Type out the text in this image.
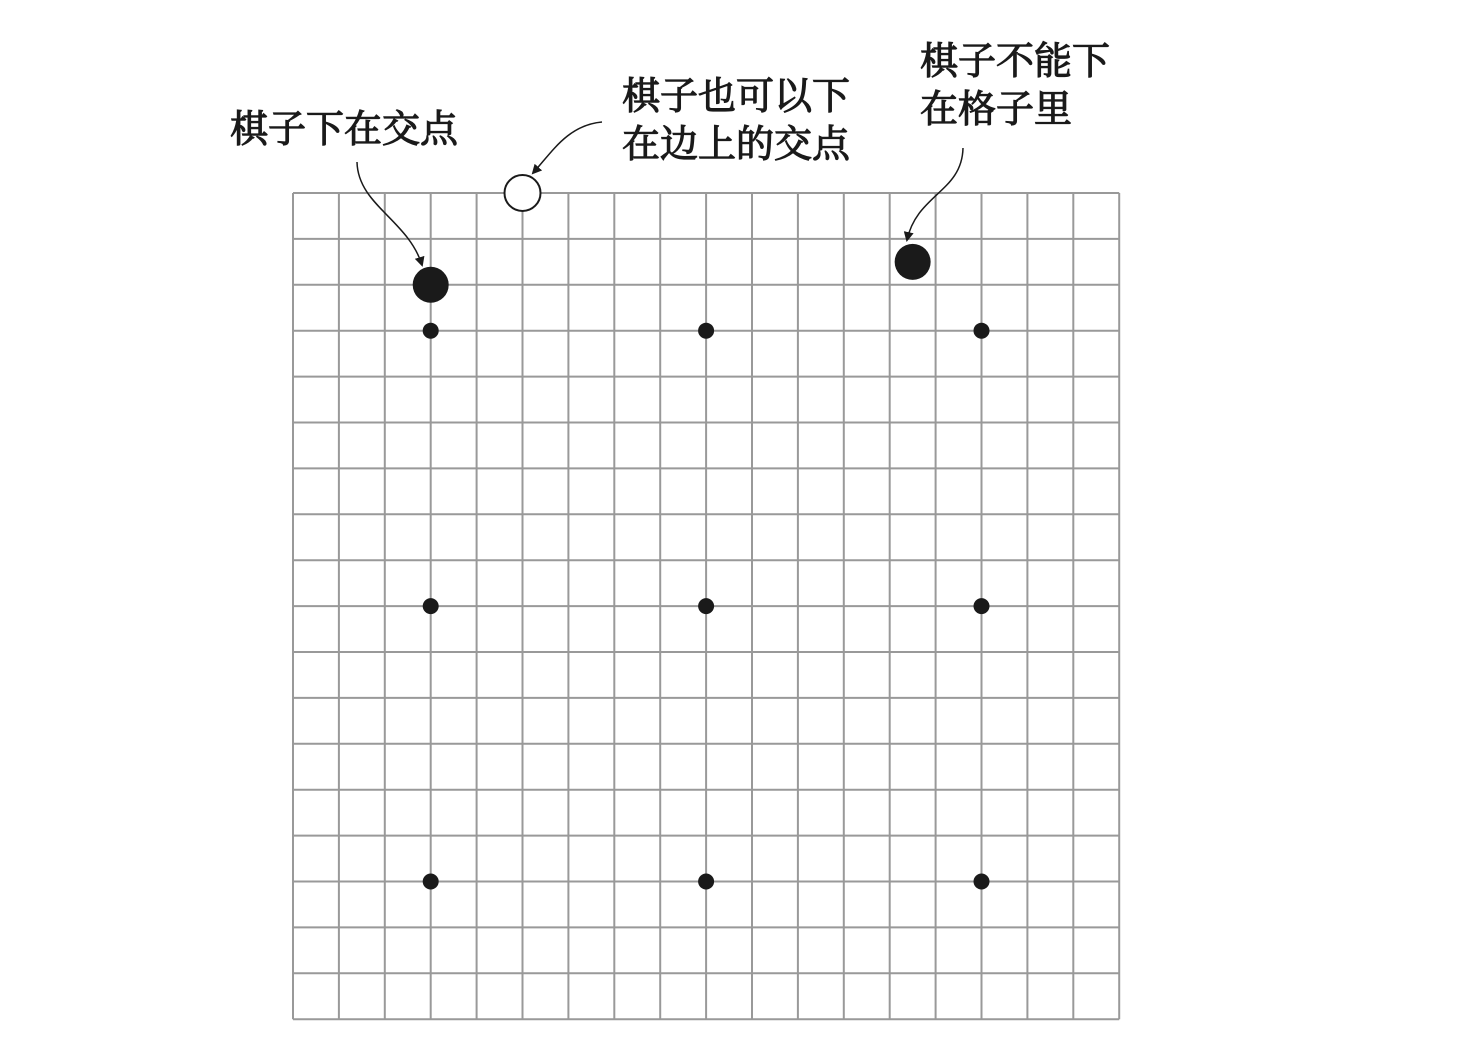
棋子下在交点
棋子也可以下
在边上的交点
棋子不能下
在格子里
